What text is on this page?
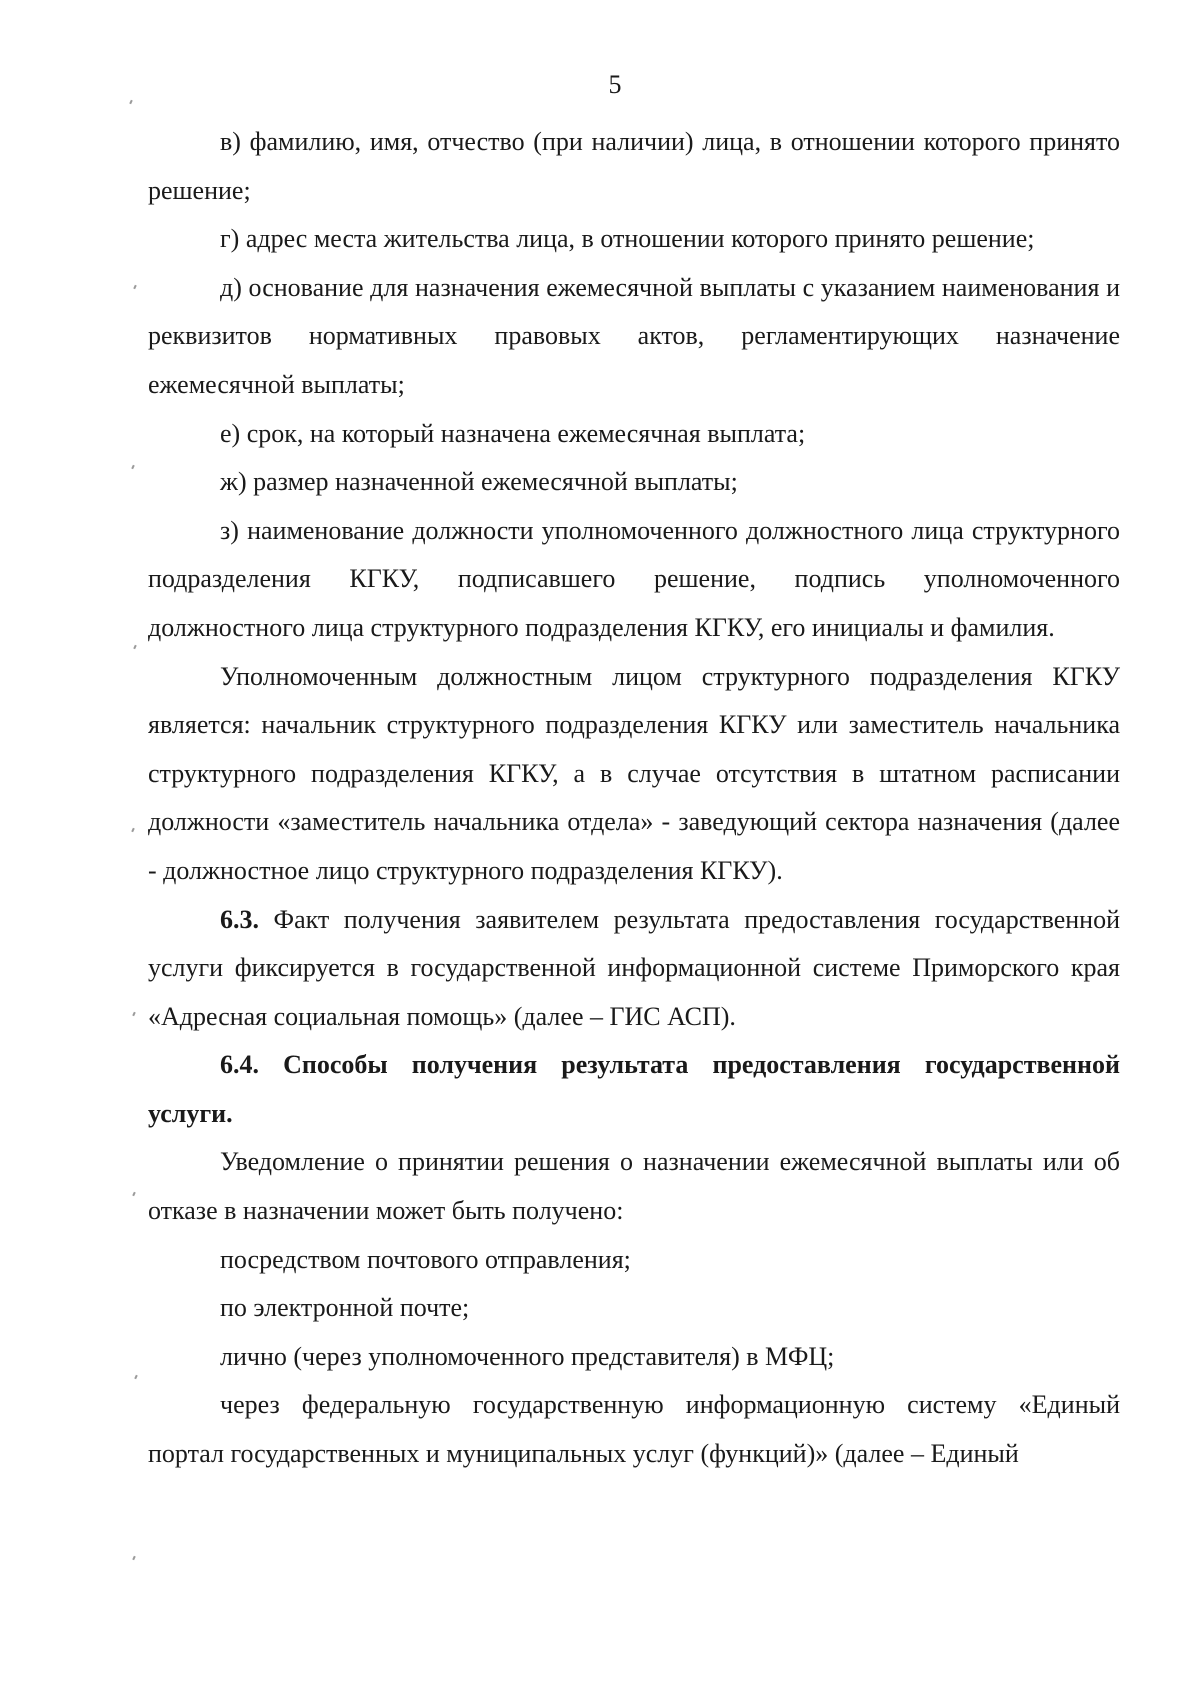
5

в) фамилию, имя, отчество (при наличии) лица, в отношении которого принято решение;

г) адрес места жительства лица, в отношении которого принято решение;

д) основание для назначения ежемесячной выплаты с указанием наименования и реквизитов нормативных правовых актов, регламентирующих назначение ежемесячной выплаты;

е) срок, на который назначена ежемесячная выплата;

ж) размер назначенной ежемесячной выплаты;

з) наименование должности уполномоченного должностного лица структурного подразделения КГКУ, подписавшего решение, подпись уполномоченного должностного лица структурного подразделения КГКУ, его инициалы и фамилия.

Уполномоченным должностным лицом структурного подразделения КГКУ является: начальник структурного подразделения КГКУ или заместитель начальника структурного подразделения КГКУ, а в случае отсутствия в штатном расписании должности «заместитель начальника отдела» - заведующий сектора назначения (далее - должностное лицо структурного подразделения КГКУ).

6.3. Факт получения заявителем результата предоставления государственной услуги фиксируется в государственной информационной системе Приморского края «Адресная социальная помощь» (далее – ГИС АСП).

6.4. Способы получения результата предоставления государственной услуги.

Уведомление о принятии решения о назначении ежемесячной выплаты или об отказе в назначении может быть получено:

посредством почтового отправления;

по электронной почте;

лично (через уполномоченного представителя) в МФЦ;

через федеральную государственную информационную систему «Единый портал государственных и муниципальных услуг (функций)» (далее – Единый
